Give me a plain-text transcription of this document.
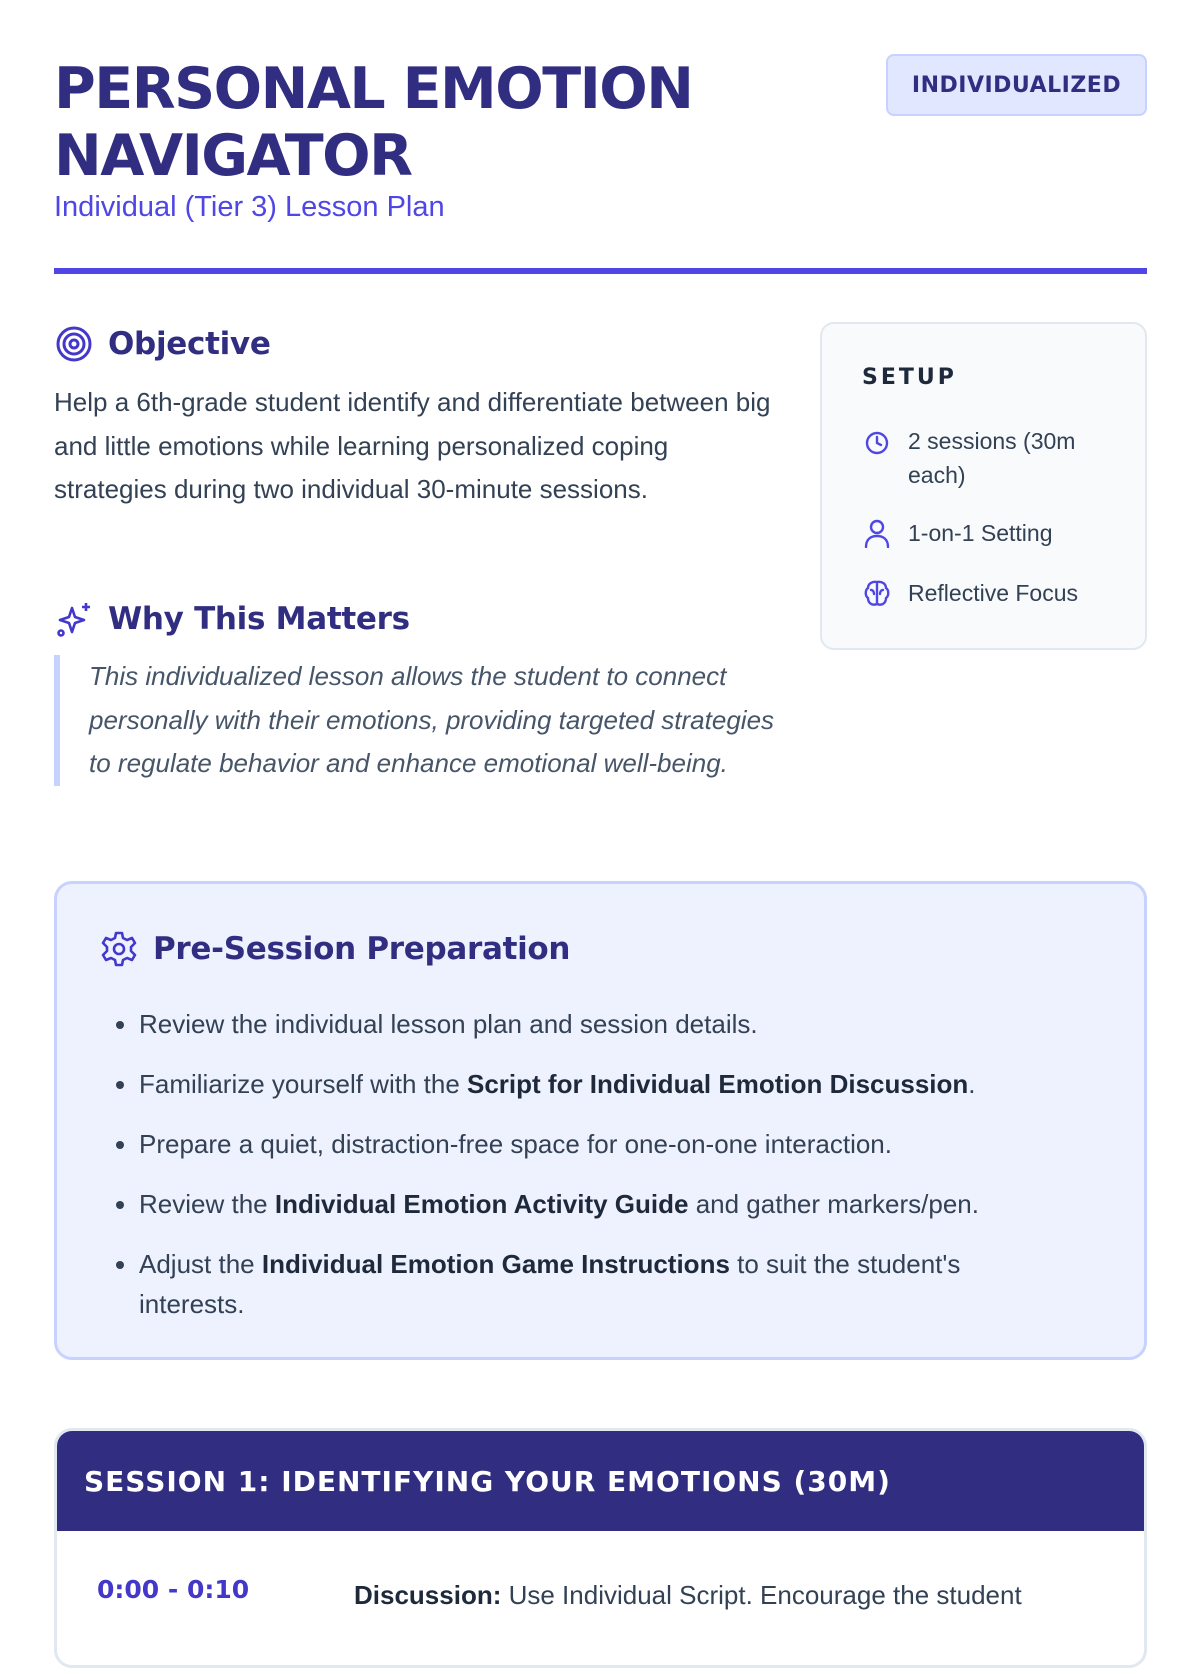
PERSONAL EMOTION NAVIGATOR
Individual (Tier 3) Lesson Plan
INDIVIDUALIZED
Objective

Help a 6th-grade student identify and differentiate between big and little emotions while learning personalized coping strategies during two individual 30-minute sessions.

Why This Matters

This individualized lesson allows the student to connect personally with their emotions, providing targeted strategies to regulate behavior and enhance emotional well-being.

SETUP
2 sessions (30m each)
1-on-1 Setting
Reflective Focus
Pre-Session Preparation
• Review the individual lesson plan and session details.
• Familiarize yourself with the Script for Individual Emotion Discussion.
• Prepare a quiet, distraction-free space for one-on-one interaction.
• Review the Individual Emotion Activity Guide and gather markers/pen.
• Adjust the Individual Emotion Game Instructions to suit the student's interests.
SESSION 1: IDENTIFYING YOUR EMOTIONS (30M)
0:00 - 0:10	Discussion: Use Individual Script. Encourage the student
